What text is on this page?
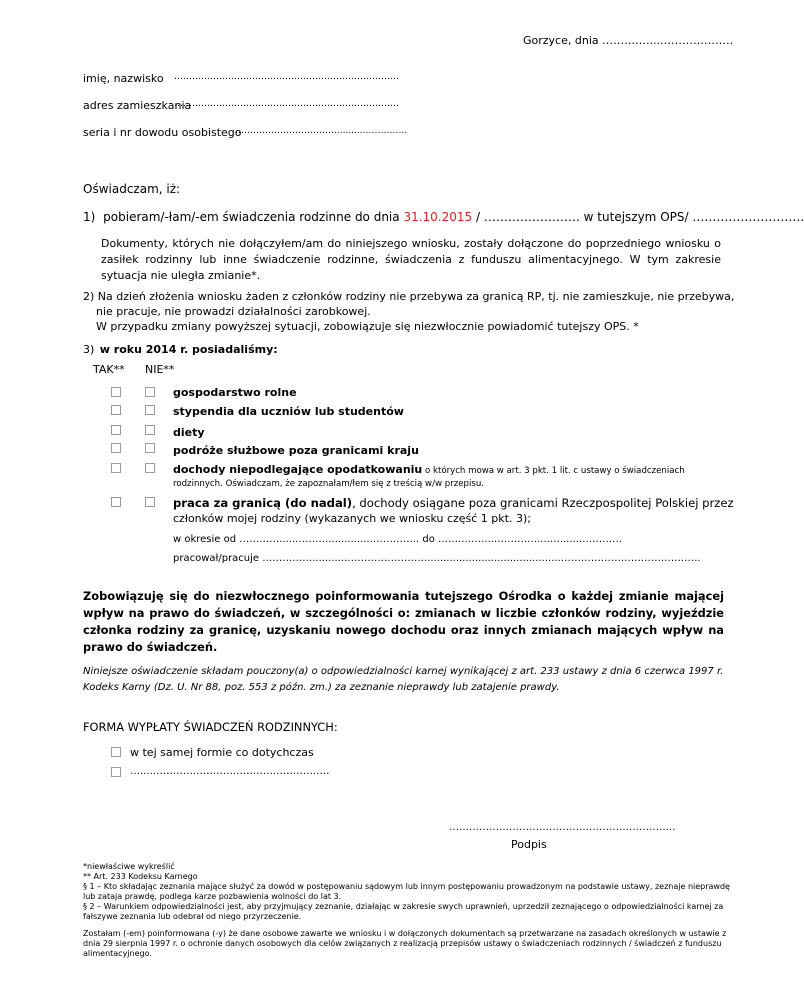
Gorzyce, dnia ……….…....……………….
imię, nazwisko …………………………………………………………………
adres zamieszkania
…………………………………………………………………
seria i nr dowodu osobistego
……………………………...........…………..
Oświadczam, iż:
1) pobieram/-łam/-em świadczenia rodzinne do dnia 31.10.2015 / …………………… w tutejszym OPS/ ……………………….
Dokumenty, których nie dołączyłem/am do niniejszego wniosku, zostały dołączone do poprzedniego wniosku o zasiłek rodzinny lub inne świadczenie rodzinne, świadczenia z funduszu alimentacyjnego. W tym zakresie sytuacja nie uległa zmianie*.
2) Na dzień złożenia wniosku żaden z członków rodziny nie przebywa za granicą RP, tj. nie zamieszkuje, nie przebywa,
nie pracuje, nie prowadzi działalności zarobkowej.
W przypadku zmiany powyższej sytuacji, zobowiązuje się niezwłocznie powiadomić tutejszy OPS. *
3) w roku 2014 r. posiadaliśmy:
TAK** NIE**
gospodarstwo rolne
stypendia dla uczniów lub studentów
diety
podróże służbowe poza granicami kraju
dochody niepodlegające opodatkowaniu o których mowa w art. 3 pkt. 1 lit. c ustawy o świadczeniach
rodzinnych. Oświadczam, że zapoznałam/łem się z treścią w/w przepisu.
praca za granicą (do nadal), dochody osiągane poza granicami Rzeczpospolitej Polskiej przez
członków mojej rodziny (wykazanych we wniosku część 1 pkt. 3);
w okresie od ……….….....……….............….……….. do ……..……...…….……....….......…………
pracował/pracuje ……………..........……………………..........................................…………………………………….
Zobowiązuję się do niezwłocznego poinformowania tutejszego Ośrodka o każdej zmianie mającej wpływ na prawo do świadczeń, w szczególności o: zmianach w liczbie członków rodziny, wyjeździe członka rodziny za granicę, uzyskaniu nowego dochodu oraz innych zmianach mających wpływ na prawo do świadczeń.
Niniejsze oświadczenie składam pouczony(a) o odpowiedzialności karnej wynikającej z art. 233 ustawy z dnia 6 czerwca 1997 r. Kodeks Karny (Dz. U. Nr 88, poz. 553 z późn. zm.) za zeznanie nieprawdy lub zatajenie prawdy.
FORMA WYPŁATY ŚWIADCZEŃ RODZINNYCH:
w tej samej formie co dotychczas
…...………………………………………………
…………………………………………………………..
Podpis
*niewłaściwe wykreślić
** Art. 233 Kodeksu Karnego
§ 1 – Kto składając zeznania mające służyć za dowód w postępowaniu sądowym lub innym postępowaniu prowadzonym na podstawie ustawy, zeznaje nieprawdę lub zataja prawdę, podlega karze pozbawienia wolności do lat 3.
§ 2 – Warunkiem odpowiedzialności jest, aby przyjmujący zeznanie, działając w zakresie swych uprawnień, uprzedził zeznającego o odpowiedzialności karnej za fałszywe zeznania lub odebrał od niego przyrzeczenie.
Zostałam (-em) poinformowana (-y) że dane osobowe zawarte we wniosku i w dołączonych dokumentach są przetwarzane na zasadach określonych w ustawie z dnia 29 sierpnia 1997 r. o ochronie danych osobowych dla celów związanych z realizacją przepisów ustawy o świadczeniach rodzinnych / świadczeń z funduszu alimentacyjnego.
